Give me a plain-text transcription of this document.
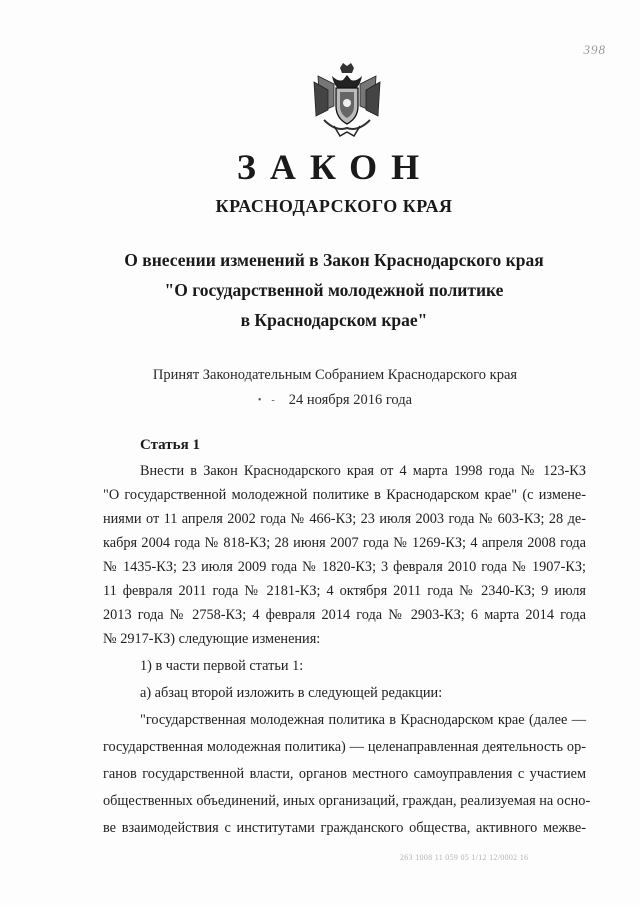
398
ЗАКОН
КРАСНОДАРСКОГО КРАЯ
О внесении изменений в Закон Краснодарского края
"О государственной молодежной политике
в Краснодарском крае"
Принят Законодательным Собранием Краснодарского края
•    - 24 ноября 2016 года
Статья 1
Внести в Закон Краснодарского края от 4 марта 1998 года № 123-КЗ
"О государственной молодежной политике в Краснодарском крае" (с измене-
ниями от 11 апреля 2002 года № 466-КЗ; 23 июля 2003 года № 603-КЗ; 28 де-
кабря 2004 года № 818-КЗ; 28 июня 2007 года № 1269-КЗ; 4 апреля 2008 года
№ 1435-КЗ; 23 июля 2009 года № 1820-КЗ; 3 февраля 2010 года № 1907-КЗ;
11 февраля 2011 года № 2181-КЗ; 4 октября 2011 года № 2340-КЗ; 9 июля
2013 года № 2758-КЗ; 4 февраля 2014 года № 2903-КЗ; 6 марта 2014 года
№ 2917-КЗ) следующие изменения:
1) в части первой статьи 1:
а) абзац второй изложить в следующей редакции:
"государственная молодежная политика в Краснодарском крае (далее —
государственная молодежная политика) — целенаправленная деятельность ор-
ганов государственной власти, органов местного самоуправления с участием
общественных объединений, иных организаций, граждан, реализуемая на осно-
ве взаимодействия с институтами гражданского общества, активного межве-
263 1008 11 059 05 1/12 12/0002 16
